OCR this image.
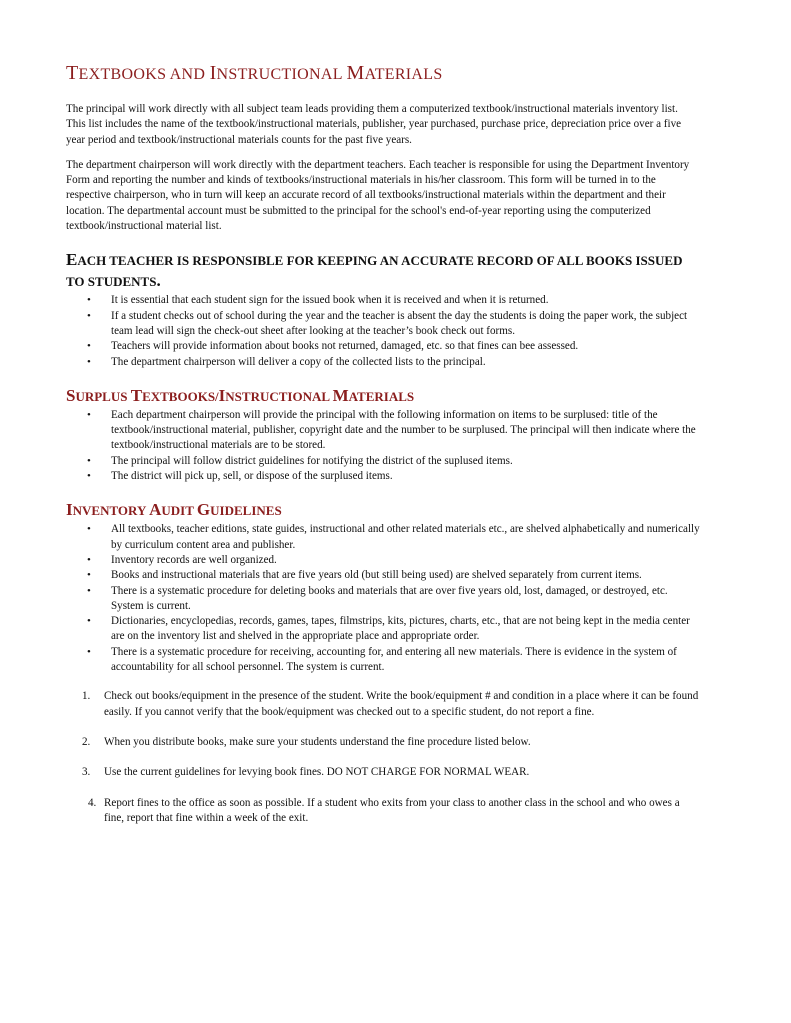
TEXTBOOKS AND INSTRUCTIONAL MATERIALS

The principal will work directly with all subject team leads providing them a computerized textbook/instructional materials inventory list. This list includes the name of the textbook/instructional materials, publisher, year purchased, purchase price, depreciation price over a five year period and textbook/instructional materials counts for the past five years.

The department chairperson will work directly with the department teachers. Each teacher is responsible for using the Department Inventory Form and reporting the number and kinds of textbooks/instructional materials in his/her classroom. This form will be turned in to the respective chairperson, who in turn will keep an accurate record of all textbooks/instructional materials within the department and their location. The departmental account must be submitted to the principal for the school's end-of-year reporting using the computerized textbook/instructional material list.

EACH TEACHER IS RESPONSIBLE FOR KEEPING AN ACCURATE RECORD OF ALL BOOKS ISSUED TO STUDENTS.
• It is essential that each student sign for the issued book when it is received and when it is returned.
• If a student checks out of school during the year and the teacher is absent the day the students is doing the paper work, the subject team lead will sign the check-out sheet after looking at the teacher’s book check out forms.
• Teachers will provide information about books not returned, damaged, etc. so that fines can bee assessed.
• The department chairperson will deliver a copy of the collected lists to the principal.
SURPLUS TEXTBOOKS/INSTRUCTIONAL MATERIALS
• Each department chairperson will provide the principal with the following information on items to be surplused: title of the textbook/instructional material, publisher, copyright date and the number to be surplused. The principal will then indicate where the textbook/instructional materials are to be stored.
• The principal will follow district guidelines for notifying the district of the suplused items.
• The district will pick up, sell, or dispose of the surplused items.
INVENTORY AUDIT GUIDELINES
• All textbooks, teacher editions, state guides, instructional and other related materials etc., are shelved alphabetically and numerically by curriculum content area and publisher.
• Inventory records are well organized.
• Books and instructional materials that are five years old (but still being used) are shelved separately from current items.
• There is a systematic procedure for deleting books and materials that are over five years old, lost, damaged, or destroyed, etc. System is current.
• Dictionaries, encyclopedias, records, games, tapes, filmstrips, kits, pictures, charts, etc., that are not being kept in the media center are on the inventory list and shelved in the appropriate place and appropriate order.
• There is a systematic procedure for receiving, accounting for, and entering all new materials. There is evidence in the system of accountability for all school personnel. The system is current.
1. Check out books/equipment in the presence of the student. Write the book/equipment # and condition in a place where it can be found easily. If you cannot verify that the book/equipment was checked out to a specific student, do not report a fine.
2. When you distribute books, make sure your students understand the fine procedure listed below.
3. Use the current guidelines for levying book fines. DO NOT CHARGE FOR NORMAL WEAR.
4. Report fines to the office as soon as possible. If a student who exits from your class to another class in the school and who owes a fine, report that fine within a week of the exit.
